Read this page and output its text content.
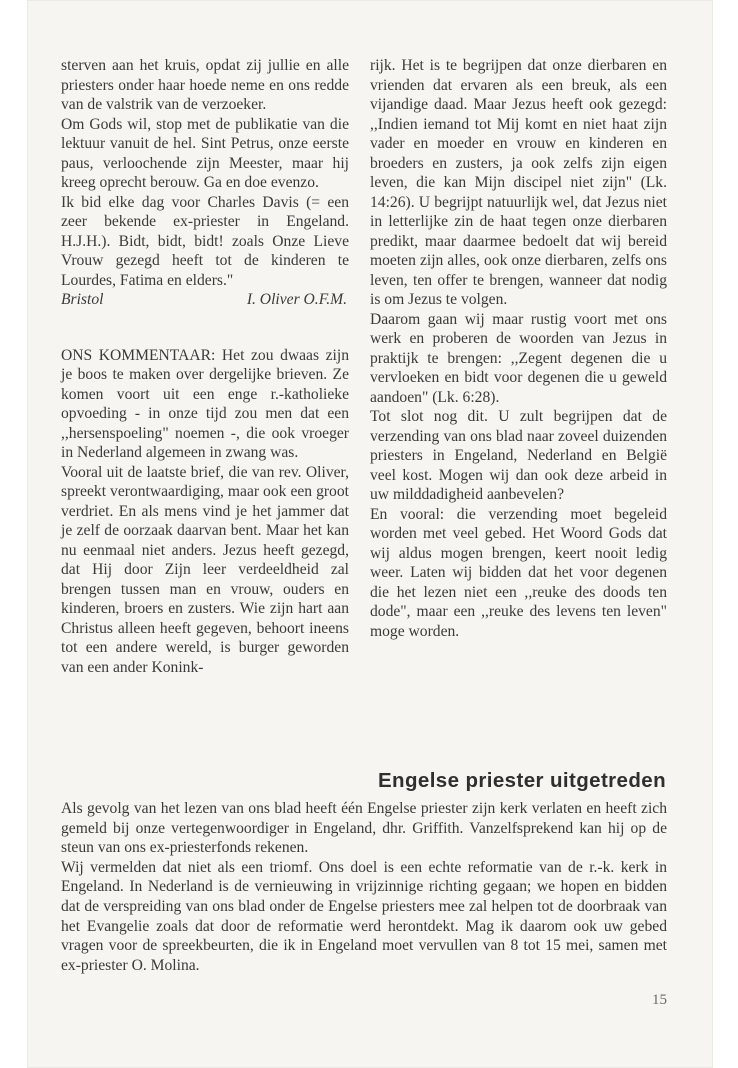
sterven aan het kruis, opdat zij jullie en alle priesters onder haar hoede neme en ons redde van de valstrik van de verzoeker.

Om Gods wil, stop met de publikatie van die lektuur vanuit de hel. Sint Petrus, onze eerste paus, verloochende zijn Meester, maar hij kreeg oprecht berouw. Ga en doe evenzo.

Ik bid elke dag voor Charles Davis (= een zeer bekende ex-priester in Engeland. H.J.H.). Bidt, bidt, bidt! zoals Onze Lieve Vrouw gezegd heeft tot de kinderen te Lourdes, Fatima en elders."

Bristol	I. Oliver O.F.M.

ONS KOMMENTAAR: Het zou dwaas zijn je boos te maken over dergelijke brieven. Ze komen voort uit een enge r.-katholieke opvoeding - in onze tijd zou men dat een ,,hersenspoeling" noemen -, die ook vroeger in Nederland algemeen in zwang was.

Vooral uit de laatste brief, die van rev. Oliver, spreekt verontwaardiging, maar ook een groot verdriet. En als mens vind je het jammer dat je zelf de oorzaak daarvan bent. Maar het kan nu eenmaal niet anders. Jezus heeft gezegd, dat Hij door Zijn leer verdeeldheid zal brengen tussen man en vrouw, ouders en kinderen, broers en zusters. Wie zijn hart aan Christus alleen heeft gegeven, behoort ineens tot een andere wereld, is burger geworden van een ander Konink-

rijk. Het is te begrijpen dat onze dierbaren en vrienden dat ervaren als een breuk, als een vijandige daad. Maar Jezus heeft ook gezegd: ,,Indien iemand tot Mij komt en niet haat zijn vader en moeder en vrouw en kinderen en broeders en zusters, ja ook zelfs zijn eigen leven, die kan Mijn discipel niet zijn" (Lk. 14:26). U begrijpt natuurlijk wel, dat Jezus niet in letterlijke zin de haat tegen onze dierbaren predikt, maar daarmee bedoelt dat wij bereid moeten zijn alles, ook onze dierbaren, zelfs ons leven, ten offer te brengen, wanneer dat nodig is om Jezus te volgen.

Daarom gaan wij maar rustig voort met ons werk en proberen de woorden van Jezus in praktijk te brengen: ,,Zegent degenen die u vervloeken en bidt voor degenen die u geweld aandoen" (Lk. 6:28).

Tot slot nog dit. U zult begrijpen dat de verzending van ons blad naar zoveel duizenden priesters in Engeland, Nederland en België veel kost. Mogen wij dan ook deze arbeid in uw milddadigheid aanbevelen?

En vooral: die verzending moet begeleid worden met veel gebed. Het Woord Gods dat wij aldus mogen brengen, keert nooit ledig weer. Laten wij bidden dat het voor degenen die het lezen niet een ,,reuke des doods ten dode", maar een ,,reuke des levens ten leven" moge worden.

Engelse priester uitgetreden

Als gevolg van het lezen van ons blad heeft één Engelse priester zijn kerk verlaten en heeft zich gemeld bij onze vertegenwoordiger in Engeland, dhr. Griffith. Vanzelfsprekend kan hij op de steun van ons ex-priesterfonds rekenen.

Wij vermelden dat niet als een triomf. Ons doel is een echte reformatie van de r.-k. kerk in Engeland. In Nederland is de vernieuwing in vrijzinnige richting gegaan; we hopen en bidden dat de verspreiding van ons blad onder de Engelse priesters mee zal helpen tot de doorbraak van het Evangelie zoals dat door de reformatie werd herontdekt. Mag ik daarom ook uw gebed vragen voor de spreekbeurten, die ik in Engeland moet vervullen van 8 tot 15 mei, samen met ex-priester O. Molina.

15
